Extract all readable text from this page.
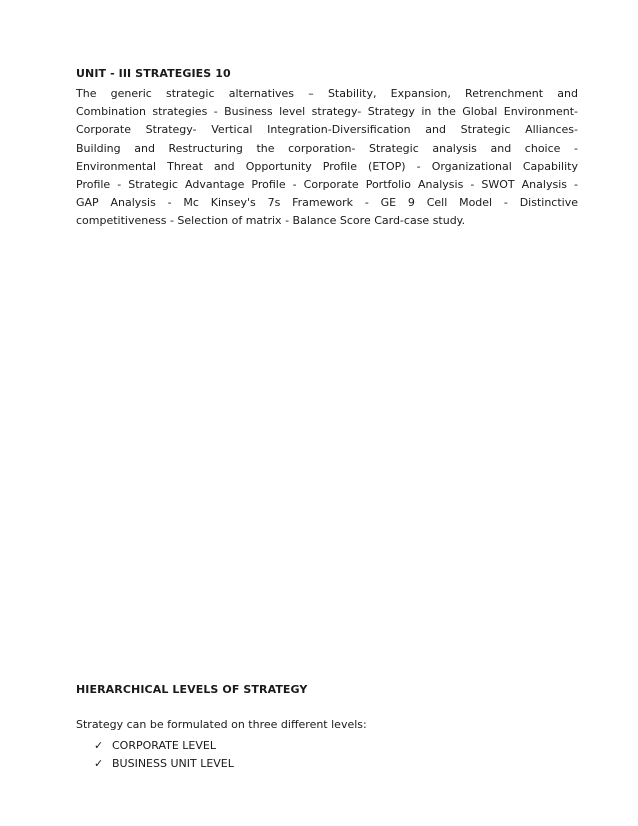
UNIT - III STRATEGIES 10
The generic strategic alternatives – Stability, Expansion, Retrenchment and
Combination strategies - Business level strategy- Strategy in the Global Environment-
Corporate Strategy- Vertical Integration-Diversification and Strategic Alliances-
Building and Restructuring the corporation- Strategic analysis and choice -
Environmental Threat and Opportunity Profile (ETOP) - Organizational Capability
Profile - Strategic Advantage Profile - Corporate Portfolio Analysis - SWOT Analysis -
GAP Analysis - Mc Kinsey's 7s Framework - GE 9 Cell Model - Distinctive
competitiveness - Selection of matrix - Balance Score Card-case study.
HIERARCHICAL LEVELS OF STRATEGY
Strategy can be formulated on three different levels:
✓ CORPORATE LEVEL
✓ BUSINESS UNIT LEVEL
